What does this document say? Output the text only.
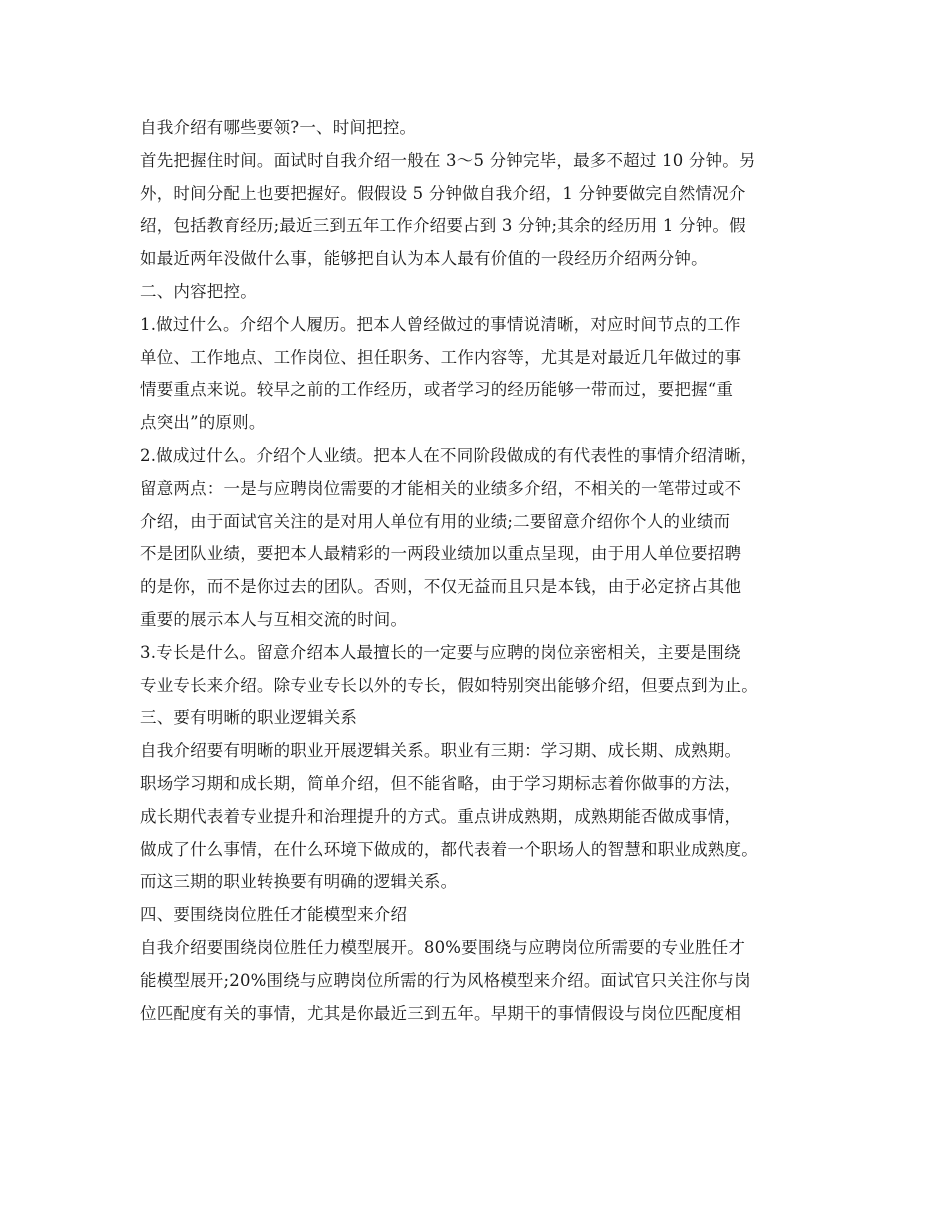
自我介绍有哪些要领?一、时间把控。
首先把握住时间。面试时自我介绍一般在 3～5 分钟完毕，最多不超过 10 分钟。另
外，时间分配上也要把握好。假假设 5 分钟做自我介绍，1 分钟要做完自然情况介
绍，包括教育经历;最近三到五年工作介绍要占到 3 分钟;其余的经历用 1 分钟。假
如最近两年没做什么事，能够把自认为本人最有价值的一段经历介绍两分钟。
二、内容把控。
1.做过什么。介绍个人履历。把本人曾经做过的事情说清晰，对应时间节点的工作
单位、工作地点、工作岗位、担任职务、工作内容等，尤其是对最近几年做过的事
情要重点来说。较早之前的工作经历，或者学习的经历能够一带而过，要把握“重
点突出”的原则。
2.做成过什么。介绍个人业绩。把本人在不同阶段做成的有代表性的事情介绍清晰，
留意两点：一是与应聘岗位需要的才能相关的业绩多介绍，不相关的一笔带过或不
介绍，由于面试官关注的是对用人单位有用的业绩;二要留意介绍你个人的业绩而
不是团队业绩，要把本人最精彩的一两段业绩加以重点呈现，由于用人单位要招聘
的是你，而不是你过去的团队。否则，不仅无益而且只是本钱，由于必定挤占其他
重要的展示本人与互相交流的时间。
3.专长是什么。留意介绍本人最擅长的一定要与应聘的岗位亲密相关，主要是围绕
专业专长来介绍。除专业专长以外的专长，假如特别突出能够介绍，但要点到为止。
三、要有明晰的职业逻辑关系
自我介绍要有明晰的职业开展逻辑关系。职业有三期：学习期、成长期、成熟期。
职场学习期和成长期，简单介绍，但不能省略，由于学习期标志着你做事的方法，
成长期代表着专业提升和治理提升的方式。重点讲成熟期，成熟期能否做成事情，
做成了什么事情，在什么环境下做成的，都代表着一个职场人的智慧和职业成熟度。
而这三期的职业转换要有明确的逻辑关系。
四、要围绕岗位胜任才能模型来介绍
自我介绍要围绕岗位胜任力模型展开。80%要围绕与应聘岗位所需要的专业胜任才
能模型展开;20%围绕与应聘岗位所需的行为风格模型来介绍。面试官只关注你与岗
位匹配度有关的事情，尤其是你最近三到五年。早期干的事情假设与岗位匹配度相
